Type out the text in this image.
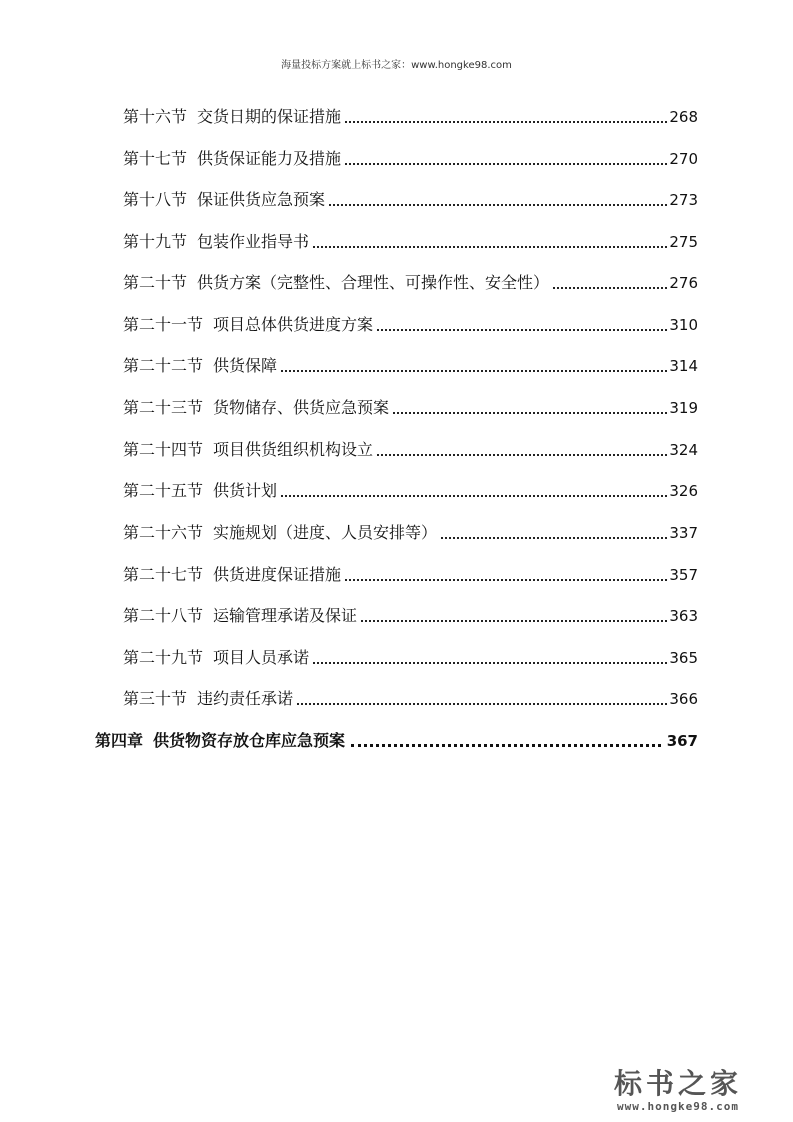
海量投标方案就上标书之家：www.hongke98.com
第十六节 交货日期的保证措施	268
第十七节 供货保证能力及措施	270
第十八节 保证供货应急预案	273
第十九节 包装作业指导书	275
第二十节 供货方案（完整性、合理性、可操作性、安全性）	276
第二十一节 项目总体供货进度方案	310
第二十二节 供货保障	314
第二十三节 货物储存、供货应急预案	319
第二十四节 项目供货组织机构设立	324
第二十五节 供货计划	326
第二十六节 实施规划（进度、人员安排等）	337
第二十七节 供货进度保证措施	357
第二十八节 运输管理承诺及保证	363
第二十九节 项目人员承诺	365
第三十节 违约责任承诺	366
第四章 供货物资存放仓库应急预案	367
标书之家
www.hongke98.com
